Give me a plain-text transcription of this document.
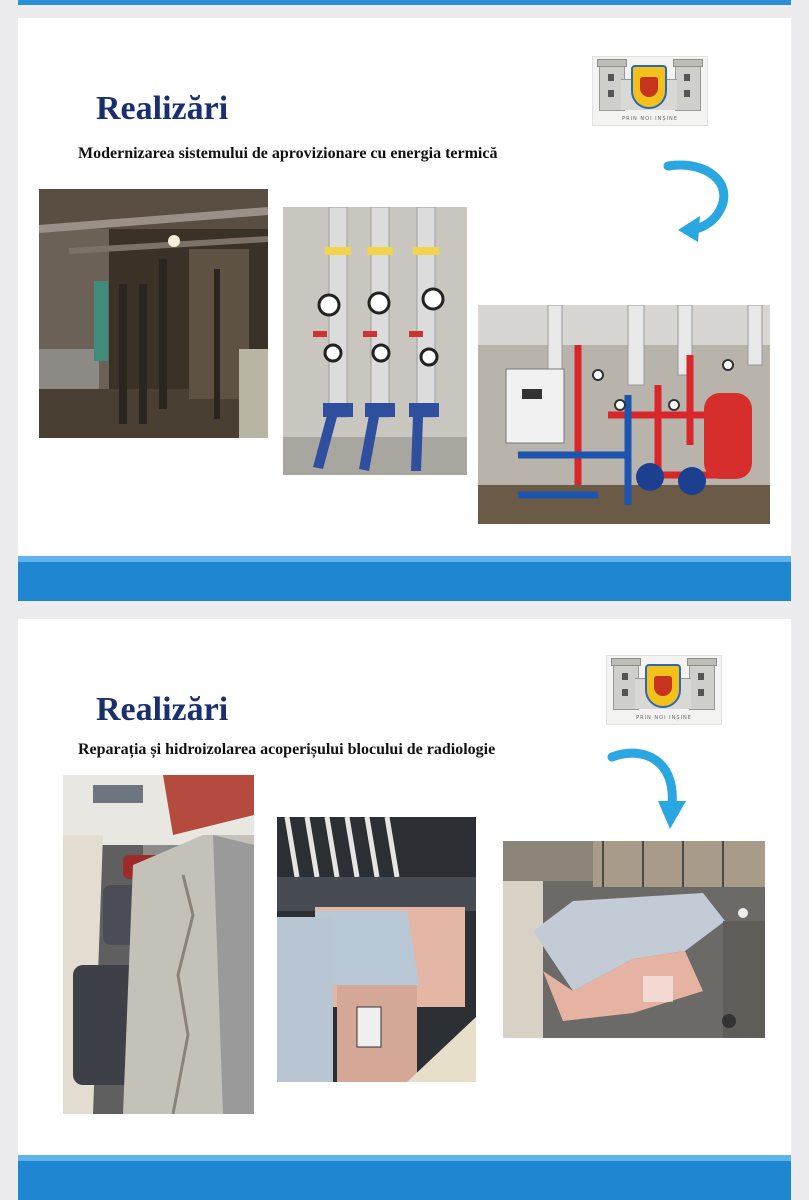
Realizări

Modernizarea sistemului de aprovizionare cu energia termică

PRIN NOI ÎNȘINE
Realizări

Reparația și hidroizolarea acoperișului blocului de radiologie

PRIN NOI ÎNȘINE
